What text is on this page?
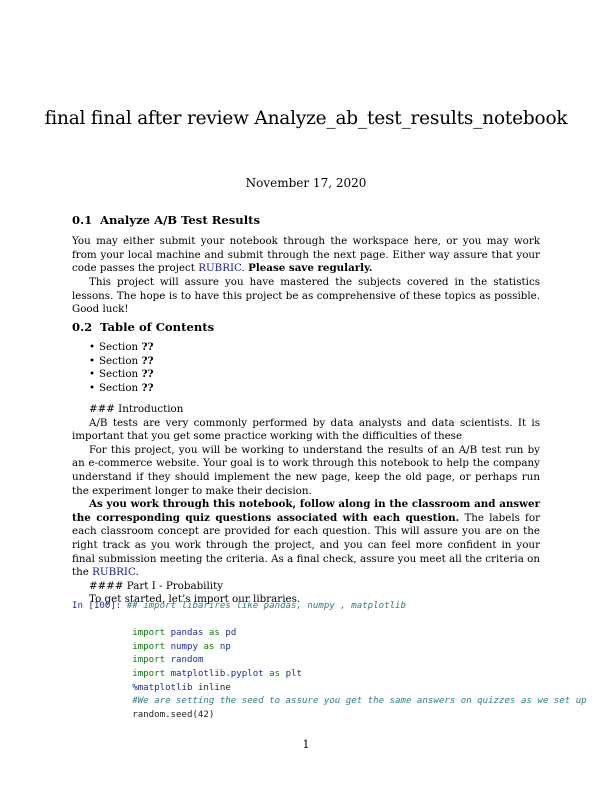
final final after review Analyze_ab_test_results_notebook
November 17, 2020
0.1 Analyze A/B Test Results
You may either submit your notebook through the workspace here, or you may work from your local machine and submit through the next page. Either way assure that your code passes the project RUBRIC. Please save regularly.
This project will assure you have mastered the subjects covered in the statistics lessons. The hope is to have this project be as comprehensive of these topics as possible. Good luck!
0.2 Table of Contents
• Section ??
• Section ??
• Section ??
• Section ??
### Introduction
A/B tests are very commonly performed by data analysts and data scientists. It is important that you get some practice working with the difficulties of these
For this project, you will be working to understand the results of an A/B test run by an e-commerce website. Your goal is to work through this notebook to help the company understand if they should implement the new page, keep the old page, or perhaps run the experiment longer to make their decision.
As you work through this notebook, follow along in the classroom and answer the corresponding quiz questions associated with each question. The labels for each classroom concept are provided for each question. This will assure you are on the right track as you work through the project, and you can feel more confident in your final submission meeting the criteria. As a final check, assure you meet all the criteria on the RUBRIC.
#### Part I - Probability
To get started, let’s import our libraries.
In [100]: ## import libarires like pandas, numpy , matplotlib

import pandas as pd
import numpy as np
import random
import matplotlib.pyplot as plt
%matplotlib inline
#We are setting the seed to assure you get the same answers on quizzes as we set up
random.seed(42)
1
